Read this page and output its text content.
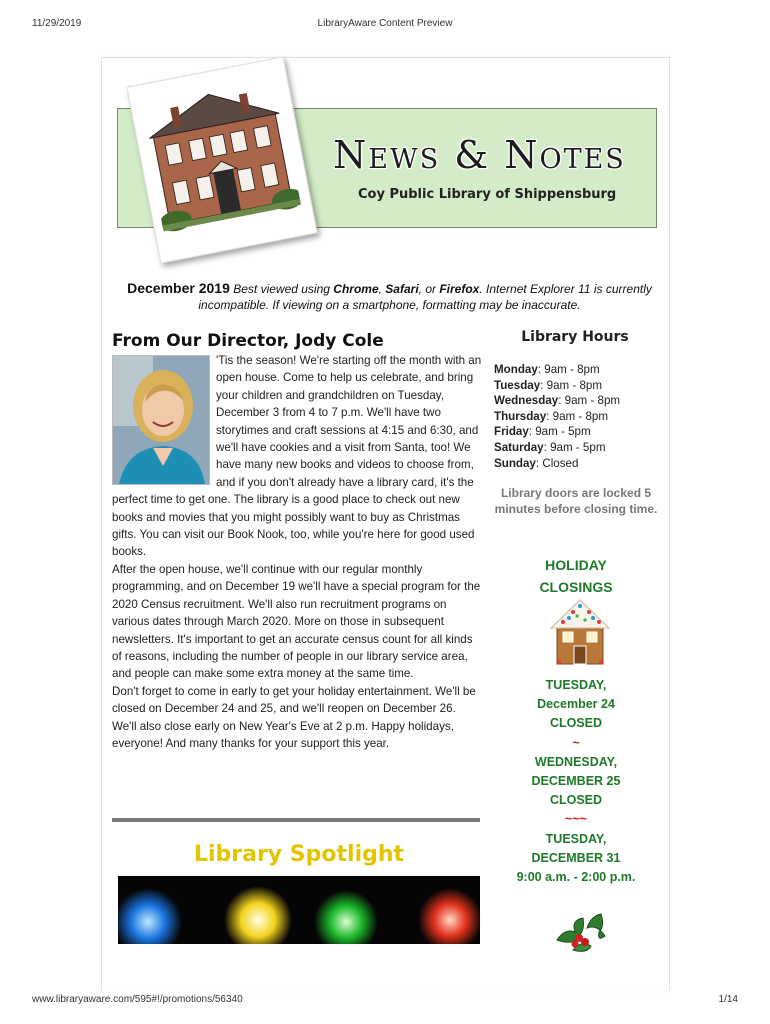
11/29/2019	LibraryAware Content Preview
www.libraryaware.com/595#!/promotions/56340	1/14
News & Notes
Coy Public Library of Shippensburg
December 2019 Best viewed using Chrome, Safari, or Firefox. Internet Explorer 11 is currently incompatible. If viewing on a smartphone, formatting may be inaccurate.
From Our Director, Jody Cole

'Tis the season! We're starting off the month with an open house. Come to help us celebrate, and bring your children and grandchildren on Tuesday, December 3 from 4 to 7 p.m. We'll have two storytimes and craft sessions at 4:15 and 6:30, and we'll have cookies and a visit from Santa, too! We have many new books and videos to choose from, and if you don't already have a library card, it's the perfect time to get one. The library is a good place to check out new books and movies that you might possibly want to buy as Christmas gifts. You can visit our Book Nook, too, while you're here for good used books.

After the open house, we'll continue with our regular monthly programming, and on December 19 we'll have a special program for the 2020 Census recruitment. We'll also run recruitment programs on various dates through March 2020. More on those in subsequent newsletters. It's important to get an accurate census count for all kinds of reasons, including the number of people in our library service area, and people can make some extra money at the same time.

Don't forget to come in early to get your holiday entertainment. We'll be closed on December 24 and 25, and we'll reopen on December 26. We'll also close early on New Year's Eve at 2 p.m. Happy holidays, everyone! And many thanks for your support this year.

Library Spotlight
Library Hours
Monday: 9am - 8pm
Tuesday: 9am - 8pm
Wednesday: 9am - 8pm
Thursday: 9am - 8pm
Friday: 9am - 5pm
Saturday: 9am - 5pm
Sunday: Closed
Library doors are locked 5 minutes before closing time.
HOLIDAY
CLOSINGS
TUESDAY,
December 24
CLOSED
~
WEDNESDAY,
DECEMBER 25
CLOSED
~~~
TUESDAY,
DECEMBER 31
9:00 a.m. - 2:00 p.m.
